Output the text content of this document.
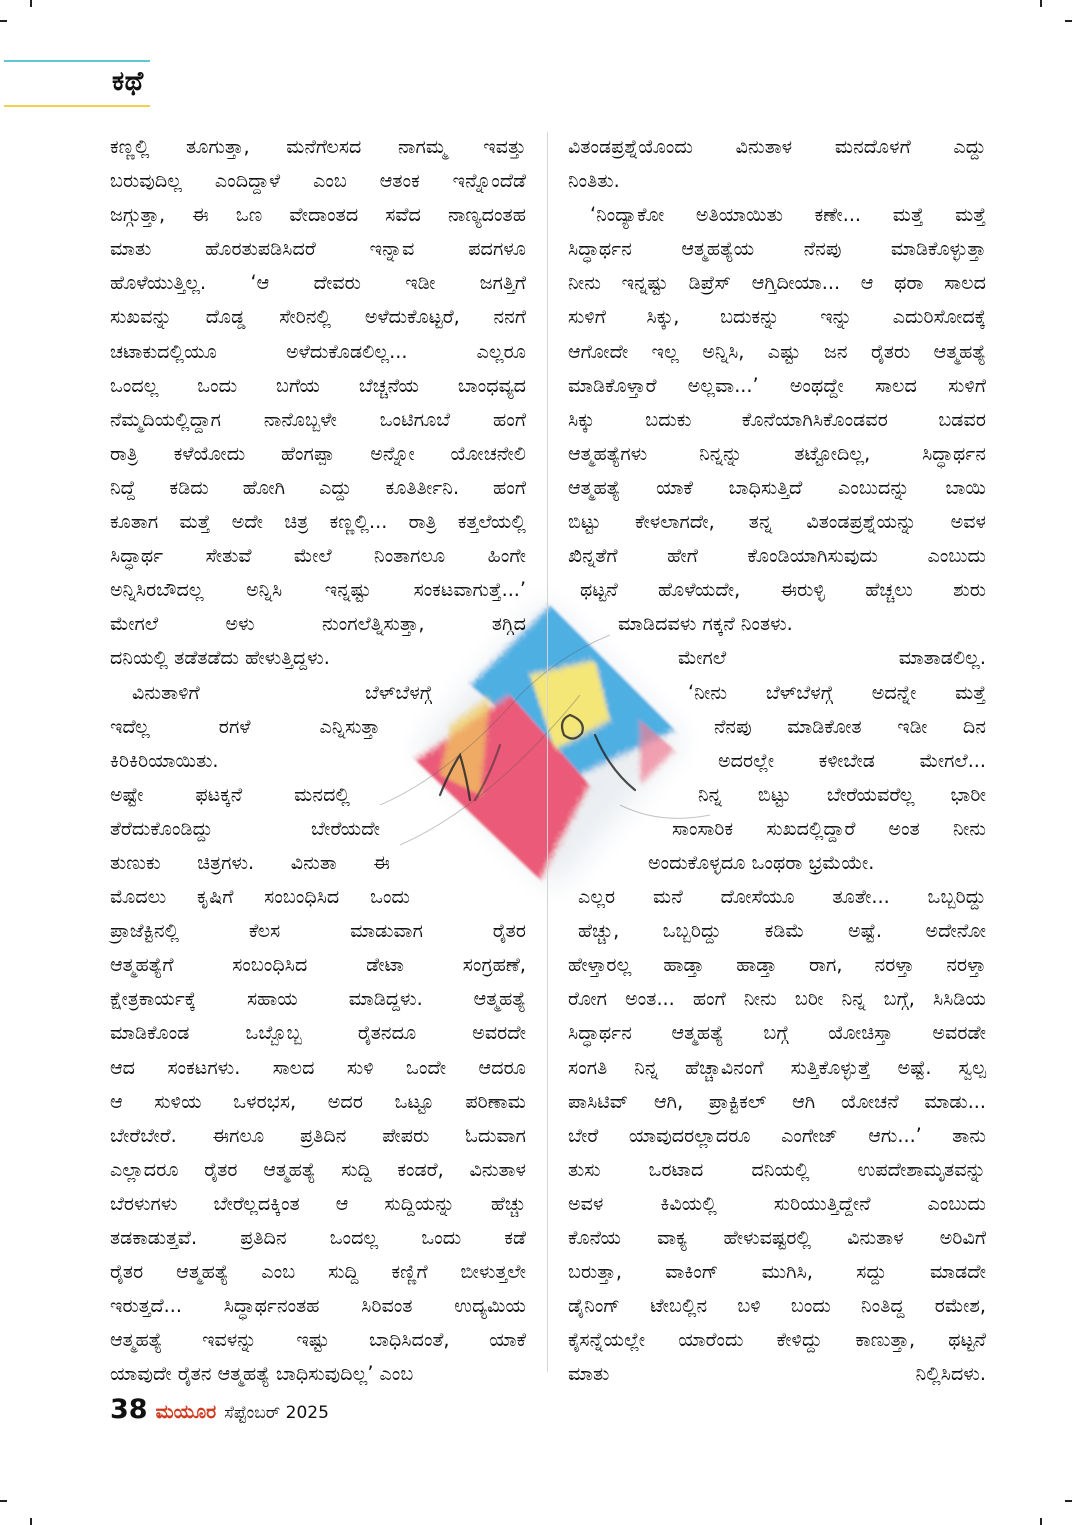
ಕಥೆ
ಕಣ್ಣಲ್ಲಿ ತೂಗುತ್ತಾ, ಮನೆಗೆಲಸದ ನಾಗಮ್ಮ ಇವತ್ತು
ಬರುವುದಿಲ್ಲ ಎಂದಿದ್ದಾಳೆ ಎಂಬ ಆತಂಕ ಇನ್ನೊಂದೆಡೆ
ಜಗ್ಗುತ್ತಾ, ಈ ಒಣ ವೇದಾಂತದ ಸವೆದ ನಾಣ್ಯದಂತಹ
ಮಾತು ಹೊರತುಪಡಿಸಿದರೆ ಇನ್ನಾವ ಪದಗಳೂ
ಹೊಳೆಯುತ್ತಿಲ್ಲ. ‘ಆ ದೇವರು ಇಡೀ ಜಗತ್ತಿಗೆ
ಸುಖವನ್ನು ದೊಡ್ಡ ಸೇರಿನಲ್ಲಿ ಅಳೆದುಕೊಟ್ಟರೆ, ನನಗೆ
ಚಟಾಕುದಲ್ಲಿಯೂ ಅಳೆದುಕೊಡಲಿಲ್ಲ... ಎಲ್ಲರೂ
ಒಂದಲ್ಲ ಒಂದು ಬಗೆಯ ಬೆಚ್ಚನೆಯ ಬಾಂಧವ್ಯದ
ನೆಮ್ಮದಿಯಲ್ಲಿದ್ದಾಗ ನಾನೊಬ್ಬಳೇ ಒಂಟಿಗೂಬೆ ಹಂಗೆ
ರಾತ್ರಿ ಕಳೆಯೋದು ಹೆಂಗಪ್ಪಾ ಅನ್ನೋ ಯೋಚನೇಲಿ
ನಿದ್ದೆ ಕಡಿದು ಹೋಗಿ ಎದ್ದು ಕೂತಿರ್ತೀನಿ. ಹಂಗೆ
ಕೂತಾಗ ಮತ್ತೆ ಅದೇ ಚಿತ್ರ ಕಣ್ಣಲ್ಲಿ... ರಾತ್ರಿ ಕತ್ತಲೆಯಲ್ಲಿ
ಸಿದ್ಧಾರ್ಥ ಸೇತುವೆ ಮೇಲೆ ನಿಂತಾಗಲೂ ಹಿಂಗೇ
ಅನ್ನಿಸಿರಬೌದಲ್ಲ ಅನ್ನಿಸಿ ಇನ್ನಷ್ಟು ಸಂಕಟವಾಗುತ್ತೆ...’
ಮೇಗಲೆ ಅಳು ನುಂಗಲೆತ್ನಿಸುತ್ತಾ, ತಗ್ಗಿದ
ದನಿಯಲ್ಲಿ ತಡೆತಡೆದು ಹೇಳುತ್ತಿದ್ದಳು.
ವಿನುತಾಳಿಗೆ ಬೆಳ್‌ಬೆಳಗ್ಗೆ
ಇದೆಲ್ಲ ರಗಳೆ ಎನ್ನಿಸುತ್ತಾ
ಕಿರಿಕಿರಿಯಾಯಿತು.
ಅಷ್ಟೇ ಫಟಕ್ಕನೆ ಮನದಲ್ಲಿ
ತೆರೆದುಕೊಂಡಿದ್ದು ಬೇರೆಯದೇ
ತುಣುಕು ಚಿತ್ರಗಳು. ವಿನುತಾ ಈ
ಮೊದಲು ಕೃಷಿಗೆ ಸಂಬಂಧಿಸಿದ ಒಂದು
ಪ್ರಾಜೆಕ್ಟಿನಲ್ಲಿ ಕೆಲಸ ಮಾಡುವಾಗ ರೈತರ
ಆತ್ಮಹತ್ಯೆಗೆ ಸಂಬಂಧಿಸಿದ ಡೇಟಾ ಸಂಗ್ರಹಣೆ,
ಕ್ಷೇತ್ರಕಾರ್ಯಕ್ಕೆ ಸಹಾಯ ಮಾಡಿದ್ದಳು. ಆತ್ಮಹತ್ಯೆ
ಮಾಡಿಕೊಂಡ ಒಬ್ಬೊಬ್ಬ ರೈತನದೂ ಅವರದೇ
ಆದ ಸಂಕಟಗಳು. ಸಾಲದ ಸುಳಿ ಒಂದೇ ಆದರೂ
ಆ ಸುಳಿಯ ಒಳರಭಸ, ಅದರ ಒಟ್ಟೂ ಪರಿಣಾಮ
ಬೇರೆಬೇರೆ. ಈಗಲೂ ಪ್ರತಿದಿನ ಪೇಪರು ಓದುವಾಗ
ಎಲ್ಲಾದರೂ ರೈತರ ಆತ್ಮಹತ್ಯೆ ಸುದ್ದಿ ಕಂಡರೆ, ವಿನುತಾಳ
ಬೆರಳುಗಳು ಬೇರೆಲ್ಲದಕ್ಕಿಂತ ಆ ಸುದ್ದಿಯನ್ನು ಹೆಚ್ಚು
ತಡಕಾಡುತ್ತವೆ. ಪ್ರತಿದಿನ ಒಂದಲ್ಲ ಒಂದು ಕಡೆ
ರೈತರ ಆತ್ಮಹತ್ಯೆ ಎಂಬ ಸುದ್ದಿ ಕಣ್ಣಿಗೆ ಬೀಳುತ್ತಲೇ
ಇರುತ್ತದೆ... ಸಿದ್ಧಾರ್ಥನಂತಹ ಸಿರಿವಂತ ಉದ್ಯಮಿಯ
ಆತ್ಮಹತ್ಯೆ ಇವಳನ್ನು ಇಷ್ಟು ಬಾಧಿಸಿದಂತೆ, ಯಾಕೆ
ಯಾವುದೇ ರೈತನ ಆತ್ಮಹತ್ಯೆ ಬಾಧಿಸುವುದಿಲ್ಲ’ ಎಂಬ
ವಿತಂಡಪ್ರಶ್ನೆಯೊಂದು ವಿನುತಾಳ ಮನದೊಳಗೆ ಎದ್ದು
ನಿಂತಿತು.
‘ನಿಂದ್ಯಾಕೋ ಅತಿಯಾಯಿತು ಕಣೇ... ಮತ್ತೆ ಮತ್ತೆ
ಸಿದ್ಧಾರ್ಥನ ಆತ್ಮಹತ್ಯೆಯ ನೆನಪು ಮಾಡಿಕೊಳ್ಳುತ್ತಾ
ನೀನು ಇನ್ನಷ್ಟು ಡಿಪ್ರೆಸ್ ಆಗ್ತಿದೀಯಾ... ಆ ಥರಾ ಸಾಲದ
ಸುಳಿಗೆ ಸಿಕ್ಕು, ಬದುಕನ್ನು ಇನ್ನು ಎದುರಿಸೋದಕ್ಕೆ
ಆಗೋದೇ ಇಲ್ಲ ಅನ್ನಿಸಿ, ಎಷ್ಟು ಜನ ರೈತರು ಆತ್ಮಹತ್ಯೆ
ಮಾಡಿಕೊಳ್ತಾರೆ ಅಲ್ಲವಾ...’ ಅಂಥದ್ದೇ ಸಾಲದ ಸುಳಿಗೆ
ಸಿಕ್ಕು ಬದುಕು ಕೊನೆಯಾಗಿಸಿಕೊಂಡವರ ಬಡವರ
ಆತ್ಮಹತ್ಯೆಗಳು ನಿನ್ನನ್ನು ತಟ್ಟೋದಿಲ್ಲ, ಸಿದ್ಧಾರ್ಥನ
ಆತ್ಮಹತ್ಯೆ ಯಾಕೆ ಬಾಧಿಸುತ್ತಿದೆ ಎಂಬುದನ್ನು ಬಾಯಿ
ಬಿಟ್ಟು ಕೇಳಲಾಗದೇ, ತನ್ನ ವಿತಂಡಪ್ರಶ್ನೆಯನ್ನು ಅವಳ
ಖಿನ್ನತೆಗೆ ಹೇಗೆ ಕೊಂಡಿಯಾಗಿಸುವುದು ಎಂಬುದು
ಥಟ್ಟನೆ ಹೊಳೆಯದೇ, ಈರುಳ್ಳಿ ಹೆಚ್ಚಲು ಶುರು
ಮಾಡಿದವಳು ಗಕ್ಕನೆ ನಿಂತಳು.
ಮೇಗಲೆ ಮಾತಾಡಲಿಲ್ಲ.
‘ನೀನು ಬೆಳ್‌ಬೆಳಗ್ಗೆ ಅದನ್ನೇ ಮತ್ತೆ
ನೆನಪು ಮಾಡಿಕೋತ ಇಡೀ ದಿನ
ಅದರಲ್ಲೇ ಕಳೀಬೇಡ ಮೇಗಲೆ...
ನಿನ್ನ ಬಿಟ್ಟು ಬೇರೆಯವರೆಲ್ಲ ಭಾರೀ
ಸಾಂಸಾರಿಕ ಸುಖದಲ್ಲಿದ್ದಾರೆ ಅಂತ ನೀನು
ಅಂದುಕೊಳ್ಳದೂ ಒಂಥರಾ ಭ್ರಮೆಯೇ.
ಎಲ್ಲರ ಮನೆ ದೋಸೆಯೂ ತೂತೇ... ಒಬ್ಬರಿದ್ದು
ಹೆಚ್ಚು, ಒಬ್ಬರಿದ್ದು ಕಡಿಮೆ ಅಷ್ಟೆ. ಅದೇನೋ
ಹೇಳ್ತಾರಲ್ಲ ಹಾಡ್ತಾ ಹಾಡ್ತಾ ರಾಗ, ನರಳ್ತಾ ನರಳ್ತಾ
ರೋಗ ಅಂತ... ಹಂಗೆ ನೀನು ಬರೀ ನಿನ್ನ ಬಗ್ಗೆ, ಸಿಸಿಡಿಯ
ಸಿದ್ಧಾರ್ಥನ ಆತ್ಮಹತ್ಯೆ ಬಗ್ಗೆ ಯೋಚಿಸ್ತಾ ಅವರಡೇ
ಸಂಗತಿ ನಿನ್ನ ಹೆಚ್ಚಾವಿನಂಗೆ ಸುತ್ತಿಕೊಳ್ಳುತ್ತೆ ಅಷ್ಟೆ. ಸ್ವಲ್ಪ
ಪಾಸಿಟಿವ್ ಆಗಿ, ಪ್ರಾಕ್ಟಿಕಲ್ ಆಗಿ ಯೋಚನೆ ಮಾಡು...
ಬೇರೆ ಯಾವುದರಲ್ಲಾದರೂ ಎಂಗೇಜ್ ಆಗು...’ ತಾನು
ತುಸು ಒರಟಾದ ದನಿಯಲ್ಲಿ ಉಪದೇಶಾಮೃತವನ್ನು
ಅವಳ ಕಿವಿಯಲ್ಲಿ ಸುರಿಯುತ್ತಿದ್ದೇನೆ ಎಂಬುದು
ಕೊನೆಯ ವಾಕ್ಯ ಹೇಳುವಷ್ಟರಲ್ಲಿ ವಿನುತಾಳ ಅರಿವಿಗೆ
ಬರುತ್ತಾ, ವಾಕಿಂಗ್ ಮುಗಿಸಿ, ಸದ್ದು ಮಾಡದೇ
ಡೈನಿಂಗ್ ಟೇಬಲ್ಲಿನ ಬಳಿ ಬಂದು ನಿಂತಿದ್ದ ರಮೇಶ,
ಕೈಸನ್ನೆಯಲ್ಲೇ ಯಾರೆಂದು ಕೇಳಿದ್ದು ಕಾಣುತ್ತಾ, ಥಟ್ಟನೆ
ಮಾತು ನಿಲ್ಲಿಸಿದಳು.
38 ಮಯೂರ ಸೆಪ್ಟೆಂಬರ್ 2025
